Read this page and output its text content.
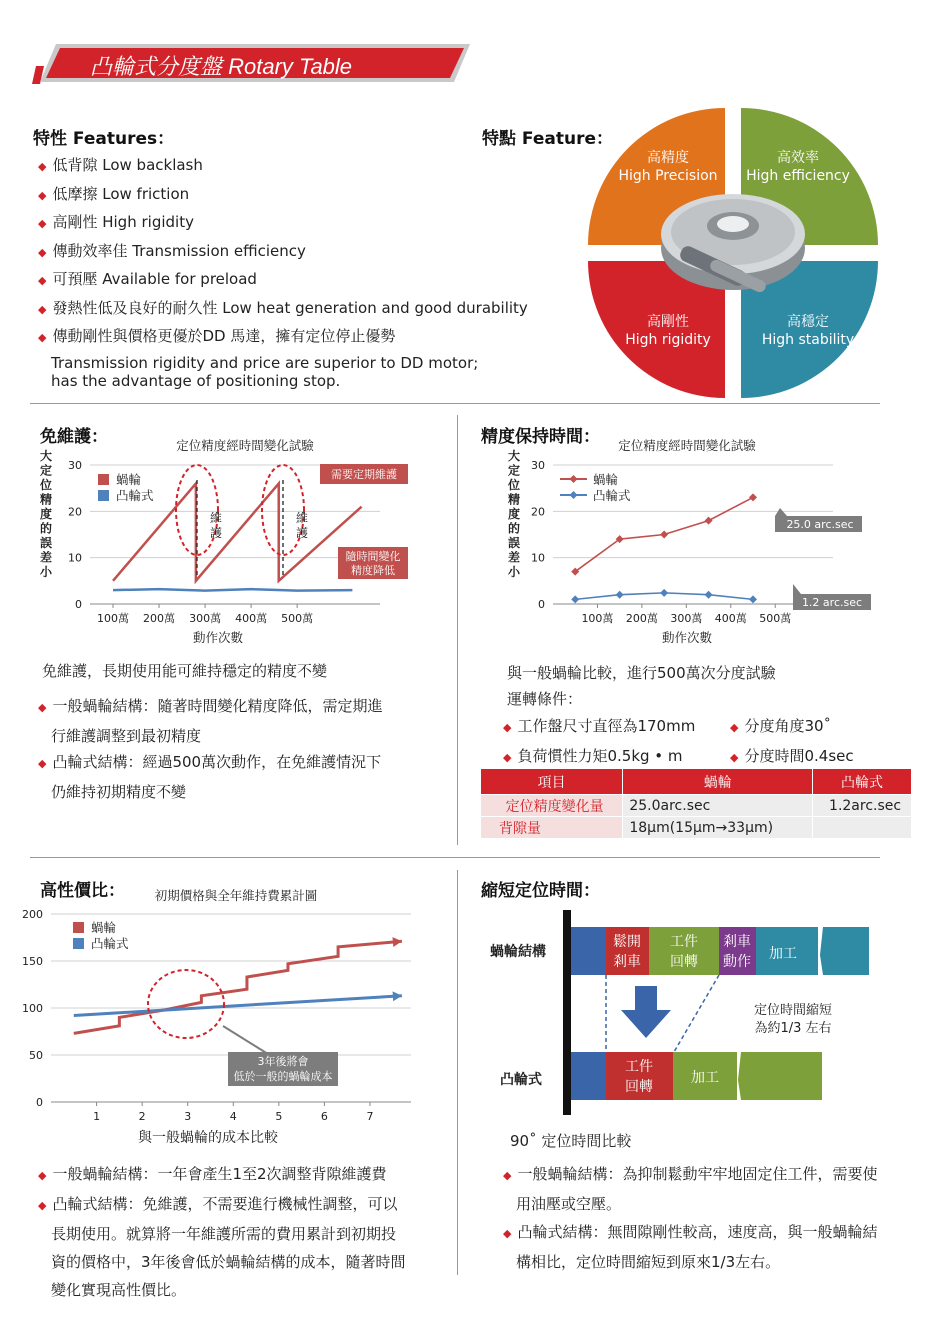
凸輪式分度盤 Rotary Table
特性 Features：
◆ 低背隙 Low backlash
◆ 低摩擦 Low friction
◆ 高剛性 High rigidity
◆ 傳動效率佳 Transmission efficiency
◆ 可預壓 Available for preload
◆ 發熱性低及良好的耐久性 Low heat generation and good durability
◆ 傳動剛性與價格更優於DD 馬達，擁有定位停止優勢
Transmission rigidity and price are superior to DD motor;
has the advantage of positioning stop.
特點 Feature：
高精度
High Precision
高效率
High efficiency
高剛性
High rigidity
高穩定
High stability
免維護：	定位精度經時間變化試驗
大定位精度的誤差小
0
10
20
30
100萬 200萬 300萬 400萬 500萬
蝸輪
凸輪式
維護
維護
需要定期維護
隨時間變化
精度降低
動作次數
免維護，長期使用能可維持穩定的精度不變
◆ 一般蝸輪結構：隨著時間變化精度降低，需定期進
行維護調整到最初精度
◆ 凸輪式結構：經過500萬次動作，在免維護情況下
仍維持初期精度不變
精度保持時間： 定位精度經時間變化試驗
大定位精度的誤差小
0
10
20
30
100萬 200萬 300萬 400萬 500萬
蝸輪
凸輪式
25.0 arc.sec
1.2 arc.sec
動作次數
與一般蝸輪比較，進行500萬次分度試驗
運轉條件：
◆ 工作盤尺寸直徑為170mm	◆ 分度角度30˚
◆ 負荷慣性力矩0.5kg • m	◆ 分度時間0.4sec
項目	蝸輪	凸輪式
定位精度變化量	25.0arc.sec	1.2arc.sec
背隙量	18μm(15μm→33μm)	
高性價比： 初期價格與全年維持費累計圖
0
50
100
150
200
1	2	3	4	5	6	7
蝸輪
凸輪式
3年後將會
低於一般的蝸輪成本
與一般蝸輪的成本比較
◆ 一般蝸輪結構：一年會產生1至2次調整背隙維護費
◆ 凸輪式結構：免維護，不需要進行機械性調整，可以
長期使用。就算將一年維護所需的費用累計到初期投
資的價格中，3年後會低於蝸輪結構的成本，隨著時間
變化實現高性價比。
縮短定位時間：
蝸輪結構
凸輪式
鬆開
剎車
工件
回轉
剎車
動作 加工
定位時間縮短
為約1/3 左右
工件
回轉
加工
90˚ 定位時間比較
◆ 一般蝸輪結構：為抑制鬆動牢牢地固定住工件，需要使
用油壓或空壓。
◆ 凸輪式結構：無間隙剛性較高，速度高，與一般蝸輪結
構相比，定位時間縮短到原來1/3左右。
